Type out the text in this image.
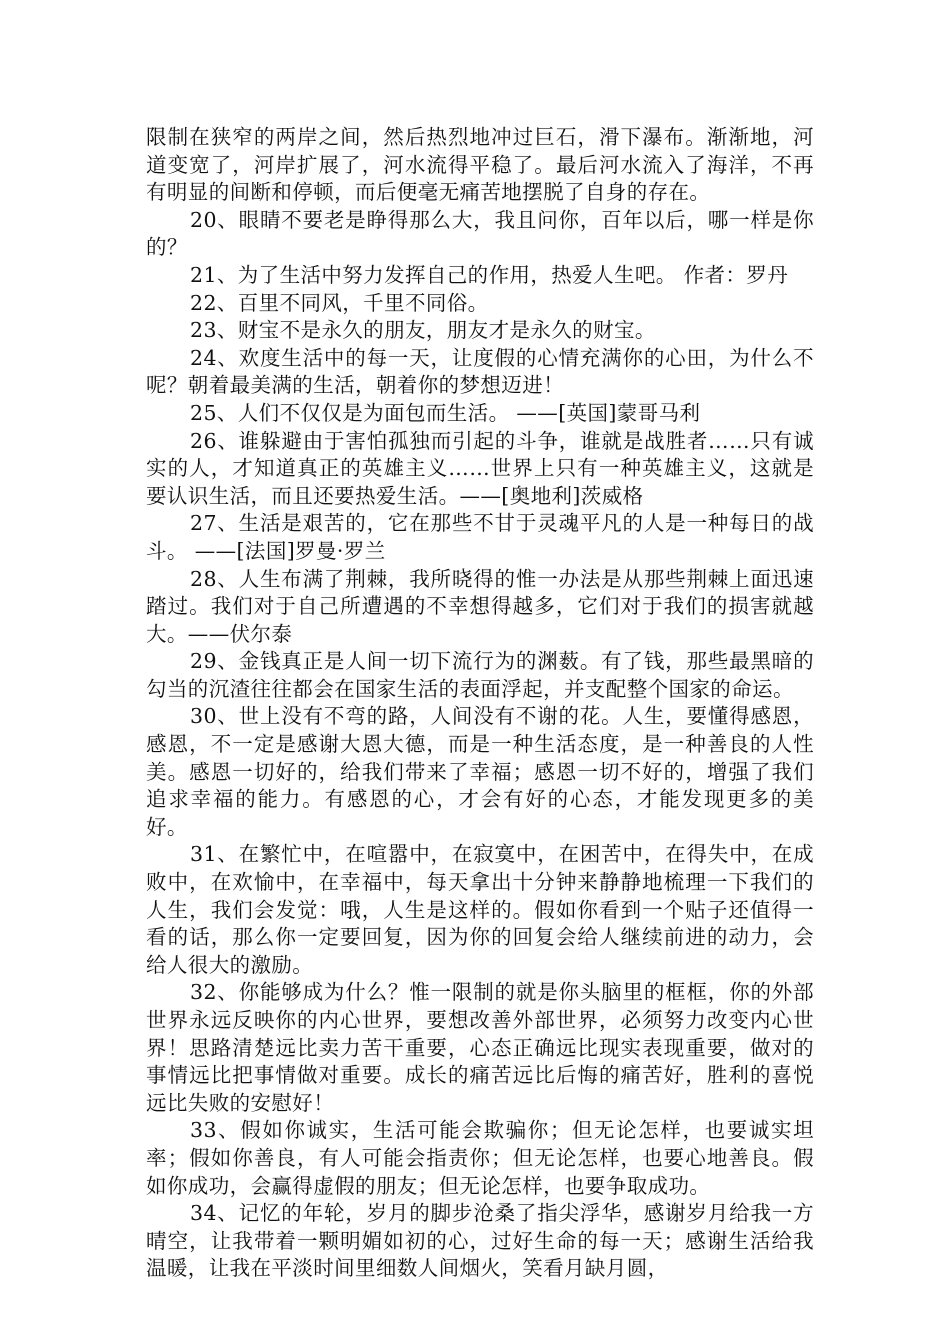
限制在狭窄的两岸之间，然后热烈地冲过巨石，滑下瀑布。渐渐地，河道变宽了，河岸扩展了，河水流得平稳了。最后河水流入了海洋，不再有明显的间断和停顿，而后便毫无痛苦地摆脱了自身的存在。

20、眼睛不要老是睁得那么大，我且问你，百年以后，哪一样是你的？

21、为了生活中努力发挥自己的作用，热爱人生吧。 作者：罗丹

22、百里不同风，千里不同俗。

23、财宝不是永久的朋友，朋友才是永久的财宝。

24、欢度生活中的每一天，让度假的心情充满你的心田，为什么不呢？朝着最美满的生活，朝着你的梦想迈进！

25、人们不仅仅是为面包而生活。 ——[英国]蒙哥马利

26、谁躲避由于害怕孤独而引起的斗争，谁就是战胜者……只有诚实的人，才知道真正的英雄主义……世界上只有一种英雄主义，这就是要认识生活，而且还要热爱生活。——[奥地利]茨威格

27、生活是艰苦的，它在那些不甘于灵魂平凡的人是一种每日的战斗。 ——[法国]罗曼·罗兰

28、人生布满了荆棘，我所晓得的惟一办法是从那些荆棘上面迅速踏过。我们对于自己所遭遇的不幸想得越多，它们对于我们的损害就越大。——伏尔泰

29、金钱真正是人间一切下流行为的渊薮。有了钱，那些最黑暗的勾当的沉渣往往都会在国家生活的表面浮起，并支配整个国家的命运。

30、世上没有不弯的路，人间没有不谢的花。人生，要懂得感恩，感恩，不一定是感谢大恩大德，而是一种生活态度，是一种善良的人性美。感恩一切好的，给我们带来了幸福；感恩一切不好的，增强了我们追求幸福的能力。有感恩的心，才会有好的心态，才能发现更多的美好。

31、在繁忙中，在喧嚣中，在寂寞中，在困苦中，在得失中，在成败中，在欢愉中，在幸福中，每天拿出十分钟来静静地梳理一下我们的人生，我们会发觉：哦，人生是这样的。假如你看到一个贴子还值得一看的话，那么你一定要回复，因为你的回复会给人继续前进的动力，会给人很大的激励。

32、你能够成为什么？惟一限制的就是你头脑里的框框，你的外部世界永远反映你的内心世界，要想改善外部世界，必须努力改变内心世界！思路清楚远比卖力苦干重要，心态正确远比现实表现重要，做对的事情远比把事情做对重要。成长的痛苦远比后悔的痛苦好，胜利的喜悦远比失败的安慰好！

33、假如你诚实，生活可能会欺骗你；但无论怎样，也要诚实坦率；假如你善良，有人可能会指责你；但无论怎样，也要心地善良。假如你成功，会赢得虚假的朋友；但无论怎样，也要争取成功。

34、记忆的年轮，岁月的脚步沧桑了指尖浮华，感谢岁月给我一方晴空，让我带着一颗明媚如初的心，过好生命的每一天；感谢生活给我温暖，让我在平淡时间里细数人间烟火，笑看月缺月圆，
